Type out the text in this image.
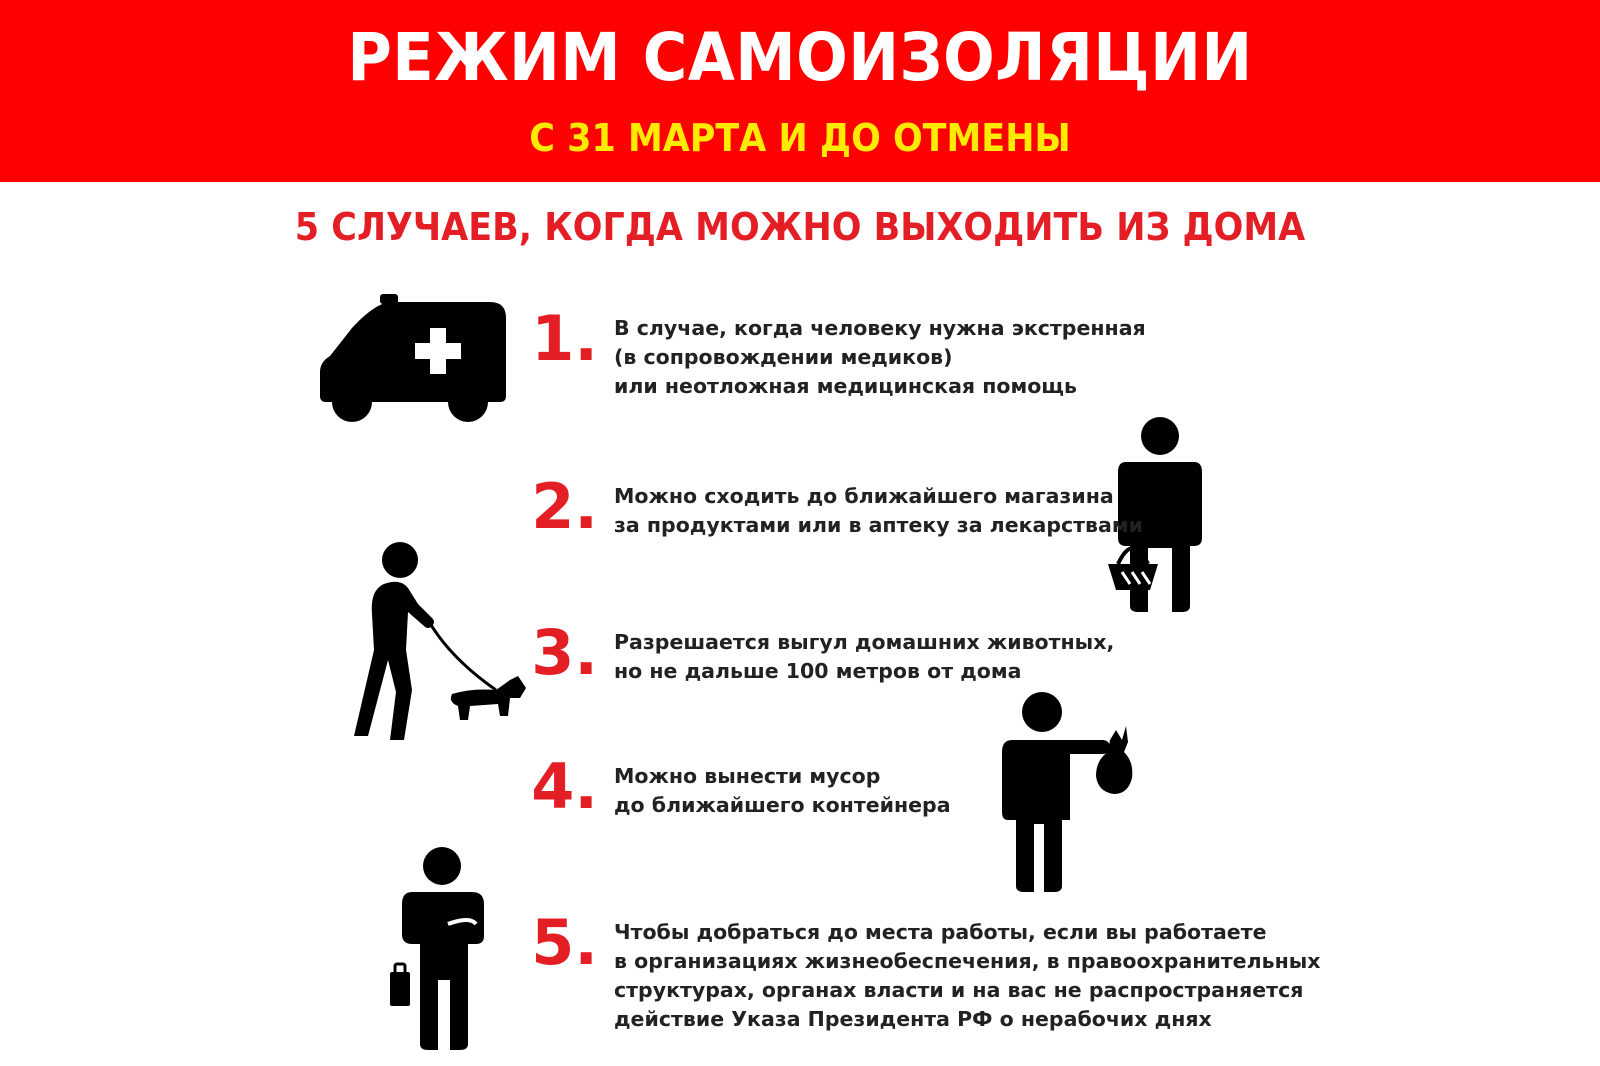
РЕЖИМ САМОИЗОЛЯЦИИ
С 31 МАРТА И ДО ОТМЕНЫ
5 СЛУЧАЕВ, КОГДА МОЖНО ВЫХОДИТЬ ИЗ ДОМА
1. В случае, когда человеку нужна экстренная
(в сопровождении медиков)
или неотложная медицинская помощь
2. Можно сходить до ближайшего магазина
за продуктами или в аптеку за лекарствами
3. Разрешается выгул домашних животных,
но не дальше 100 метров от дома
4. Можно вынести мусор
до ближайшего контейнера
5. Чтобы добраться до места работы, если вы работаете
в организациях жизнеобеспечения, в правоохранительных
структурах, органах власти и на вас не распространяется
действие Указа Президента РФ о нерабочих днях
